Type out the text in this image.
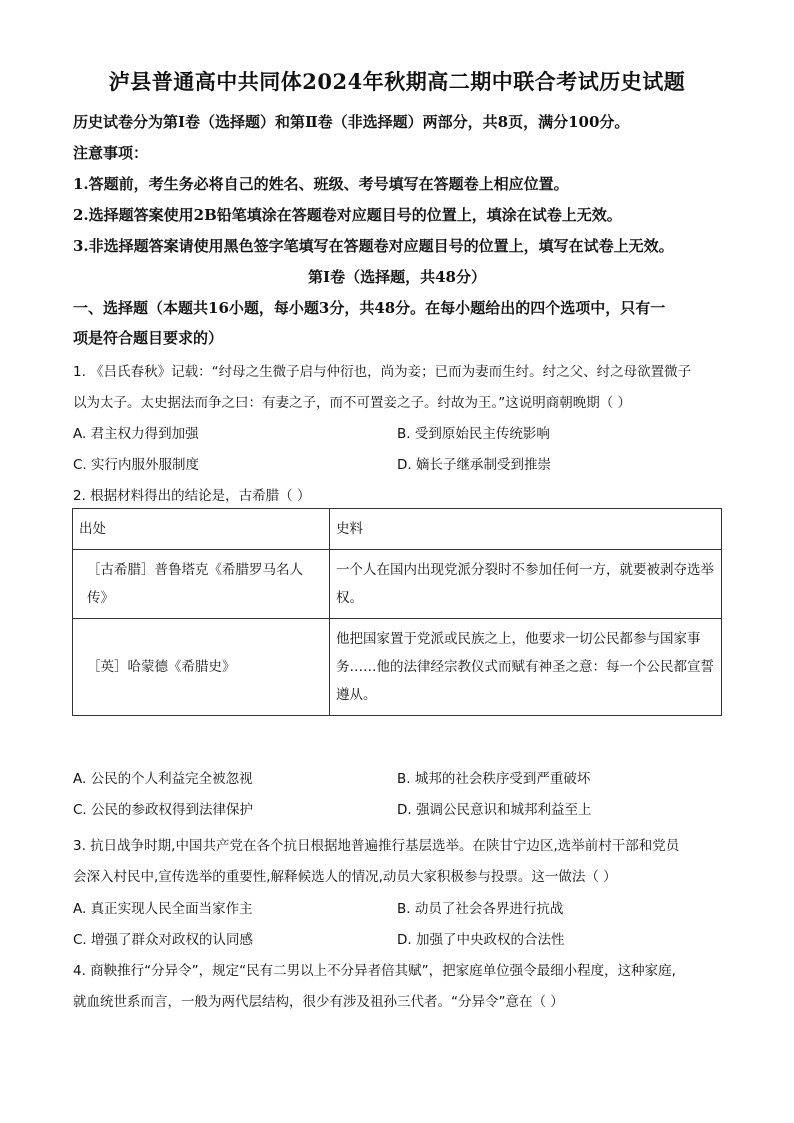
泸县普通高中共同体2024年秋期高二期中联合考试历史试题
历史试卷分为第Ⅰ卷（选择题）和第Ⅱ卷（非选择题）两部分，共8页，满分100分。
注意事项：
1.答题前，考生务必将自己的姓名、班级、考号填写在答题卷上相应位置。
2.选择题答案使用2B铅笔填涂在答题卷对应题目号的位置上，填涂在试卷上无效。
3.非选择题答案请使用黑色签字笔填写在答题卷对应题目号的位置上，填写在试卷上无效。
第Ⅰ卷（选择题，共48分）
一、选择题（本题共16小题，每小题3分，共48分。在每小题给出的四个选项中，只有一
项是符合题目要求的）
1. 《吕氏春秋》记载：“纣母之生微子启与仲衍也，尚为妾；已而为妻而生纣。纣之父、纣之母欲置微子
以为太子。太史据法而争之曰：有妻之子，而不可置妾之子。纣故为王。”这说明商朝晚期（ ）
A. 君主权力得到加强	B. 受到原始民主传统影响
C. 实行内服外服制度	D. 嫡长子继承制受到推崇
2. 根据材料得出的结论是，古希腊（ ）
出处	史料
［古希腊］普鲁塔克《希腊罗马名人传》	一个人在国内出现党派分裂时不参加任何一方，就要被剥夺选举权。
［英］哈蒙德《希腊史》	他把国家置于党派或民族之上，他要求一切公民都参与国家事务……他的法律经宗教仪式而赋有神圣之意：每一个公民都宣誓遵从。
A. 公民的个人利益完全被忽视	B. 城邦的社会秩序受到严重破坏
C. 公民的参政权得到法律保护	D. 强调公民意识和城邦利益至上
3. 抗日战争时期,中国共产党在各个抗日根据地普遍推行基层选举。在陕甘宁边区,选举前村干部和党员
会深入村民中,宣传选举的重要性,解释候选人的情况,动员大家积极参与投票。这一做法（ ）
A. 真正实现人民全面当家作主	B. 动员了社会各界进行抗战
C. 增强了群众对政权的认同感	D. 加强了中央政权的合法性
4. 商鞅推行“分异令”，规定“民有二男以上不分异者倍其赋”，把家庭单位强令最细小程度，这种家庭,
就血统世系而言，一般为两代层结构，很少有涉及祖孙三代者。“分异令”意在（ ）
